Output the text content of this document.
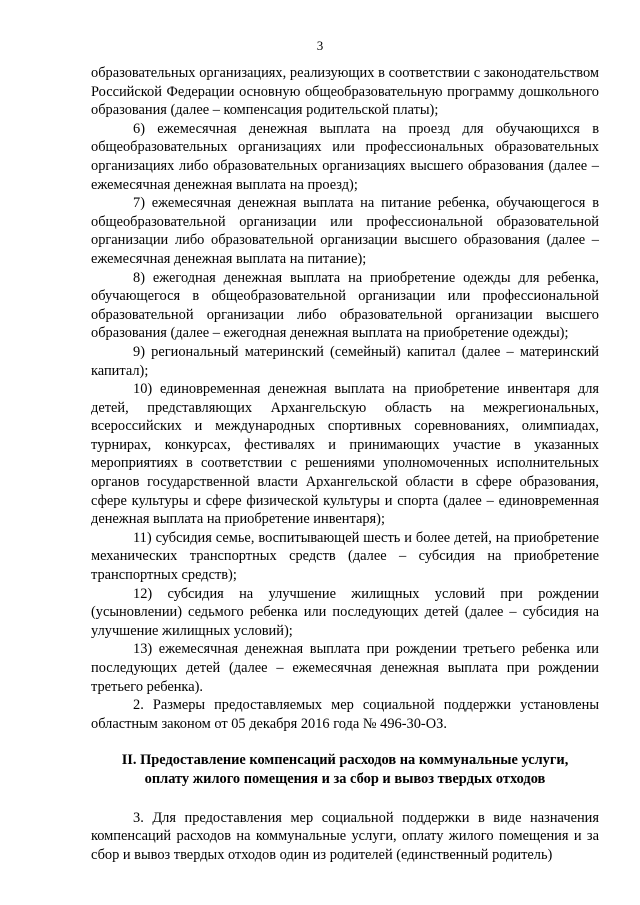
3

образовательных организациях, реализующих в соответствии с законодательством Российской Федерации основную общеобразовательную программу дошкольного образования (далее – компенсация родительской платы);

6) ежемесячная денежная выплата на проезд для обучающихся в общеобразовательных организациях или профессиональных образовательных организациях либо образовательных организациях высшего образования (далее – ежемесячная денежная выплата на проезд);

7) ежемесячная денежная выплата на питание ребенка, обучающегося в общеобразовательной организации или профессиональной образовательной организации либо образовательной организации высшего образования (далее – ежемесячная денежная выплата на питание);

8) ежегодная денежная выплата на приобретение одежды для ребенка, обучающегося в общеобразовательной организации или профессиональной образовательной организации либо образовательной организации высшего образования (далее – ежегодная денежная выплата на приобретение одежды);

9) региональный материнский (семейный) капитал (далее – материнский капитал);

10) единовременная денежная выплата на приобретение инвентаря для детей, представляющих Архангельскую область на межрегиональных, всероссийских и международных спортивных соревнованиях, олимпиадах, турнирах, конкурсах, фестивалях и принимающих участие в указанных мероприятиях в соответствии с решениями уполномоченных исполнительных органов государственной власти Архангельской области в сфере образования, сфере культуры и сфере физической культуры и спорта (далее – единовременная денежная выплата на приобретение инвентаря);

11) субсидия семье, воспитывающей шесть и более детей, на приобретение механических транспортных средств (далее – субсидия на приобретение транспортных средств);

12) субсидия на улучшение жилищных условий при рождении (усыновлении) седьмого ребенка или последующих детей (далее – субсидия на улучшение жилищных условий);

13) ежемесячная денежная выплата при рождении третьего ребенка или последующих детей (далее – ежемесячная денежная выплата при рождении третьего ребенка).

2. Размеры предоставляемых мер социальной поддержки установлены областным законом от 05 декабря 2016 года № 496-30-ОЗ.

II. Предоставление компенсаций расходов на коммунальные услуги,
оплату жилого помещения и за сбор и вывоз твердых отходов

3. Для предоставления мер социальной поддержки в виде назначения компенсаций расходов на коммунальные услуги, оплату жилого помещения и за сбор и вывоз твердых отходов один из родителей (единственный родитель)
